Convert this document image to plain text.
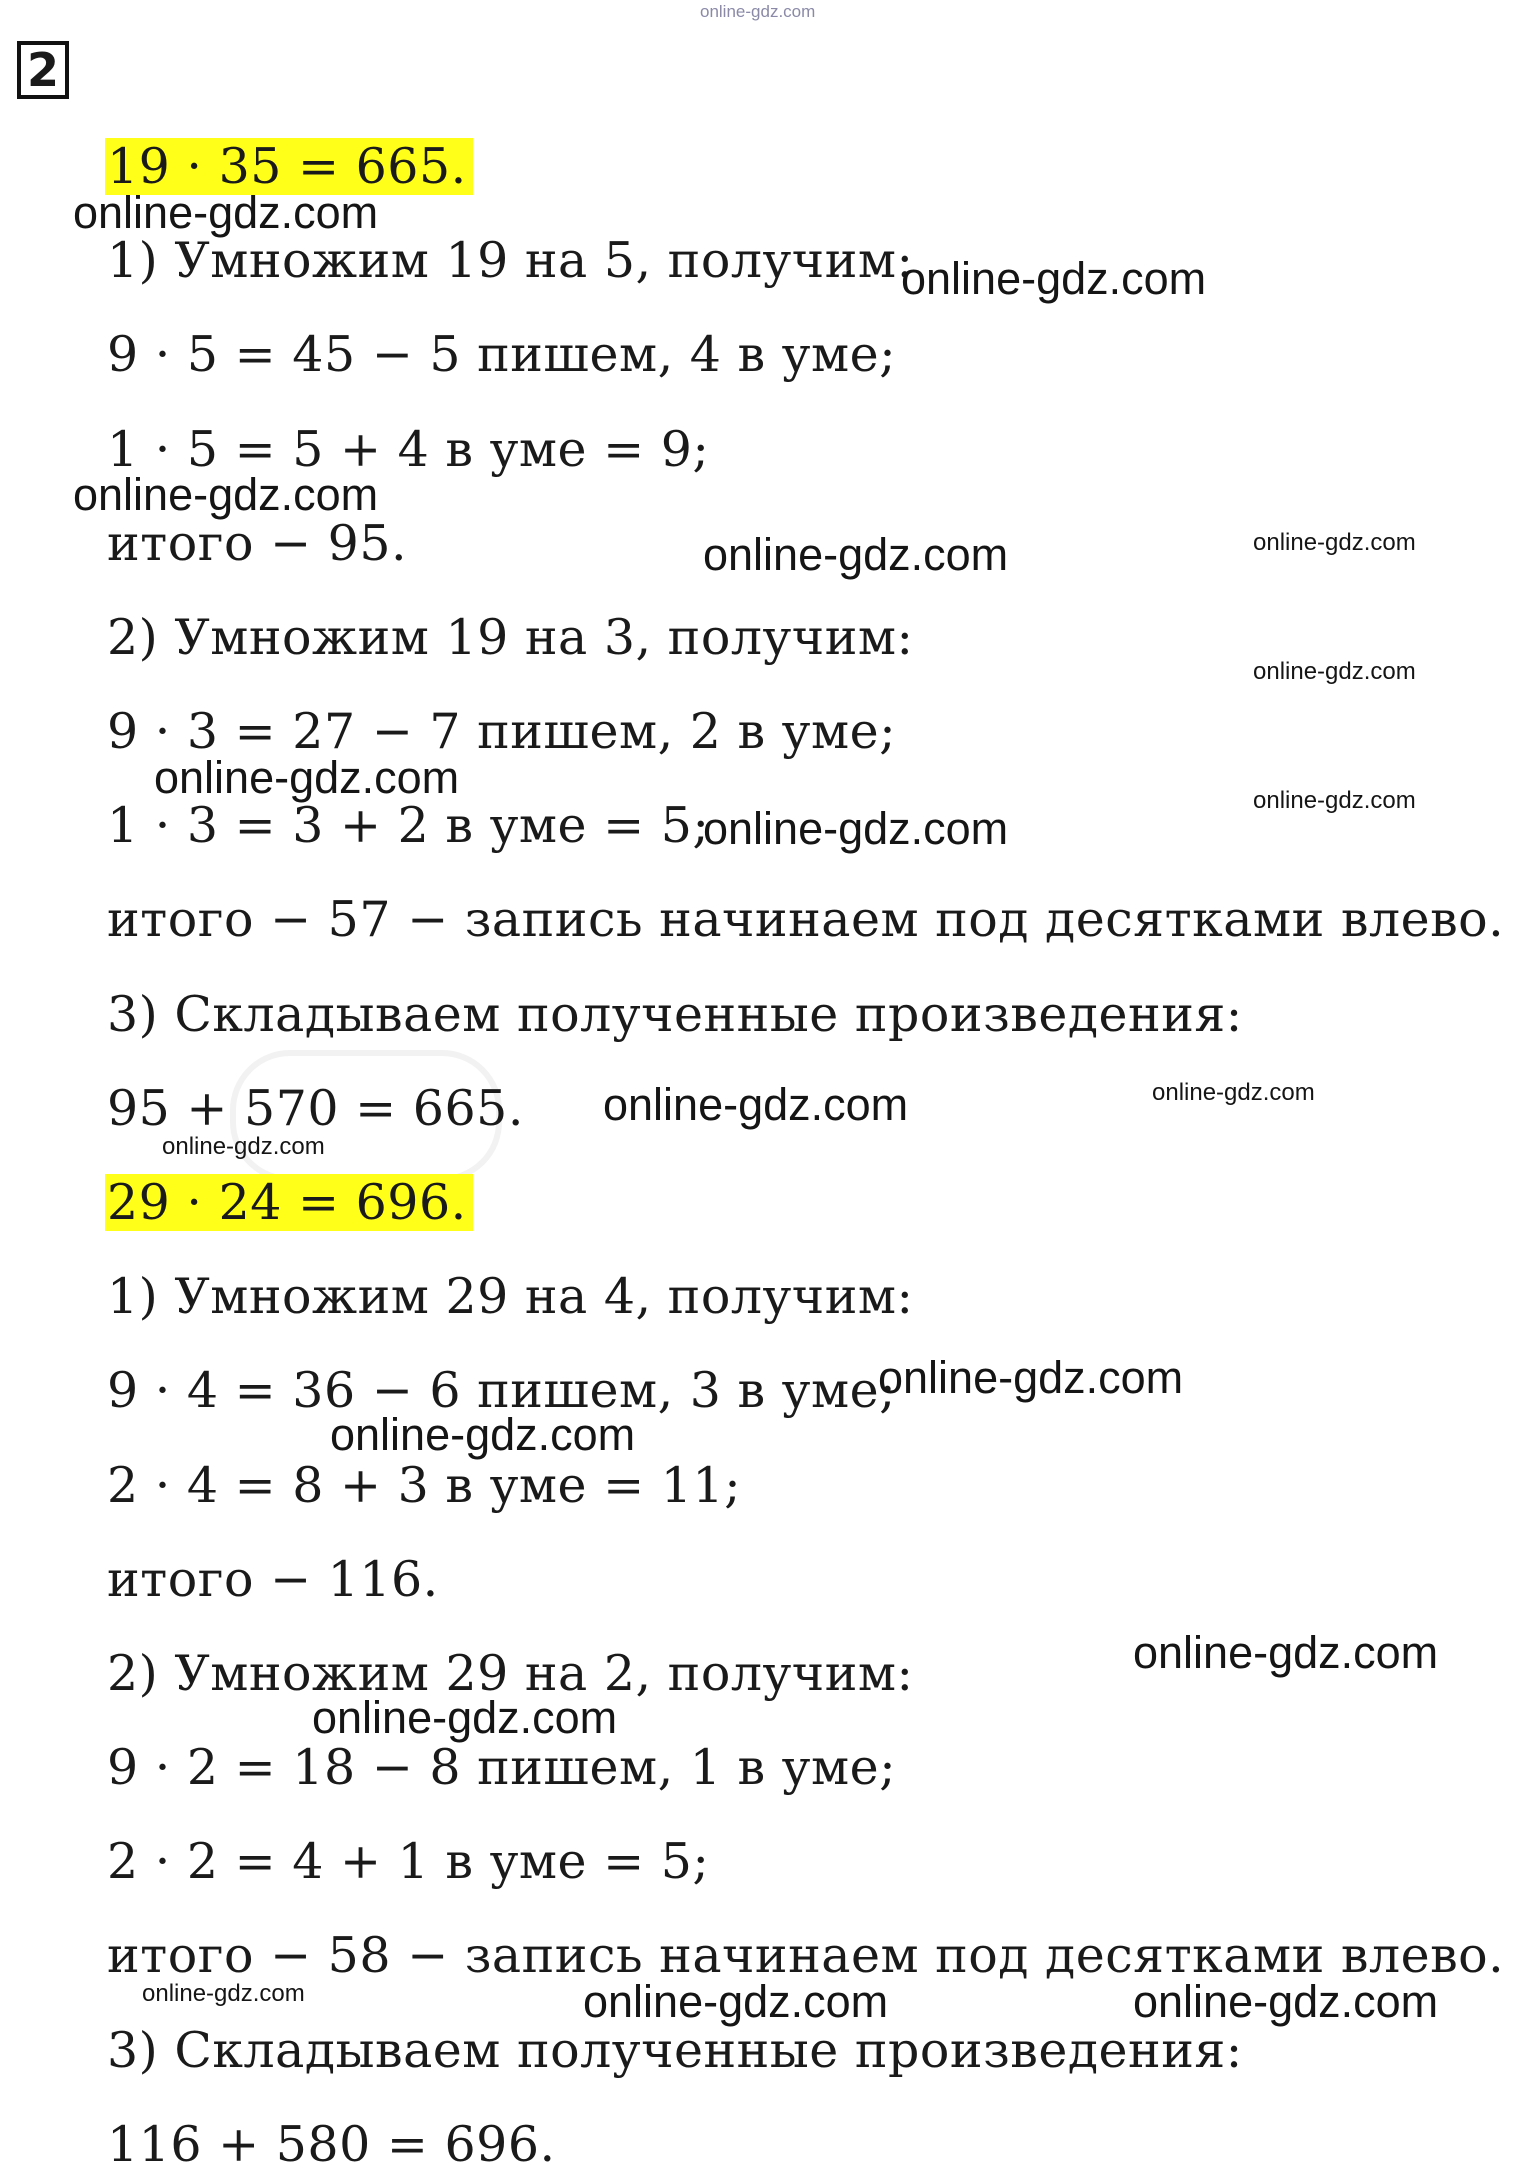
2
19 · 35 = 665.
1) Умножим 19 на 5, получим:
9 · 5 = 45 − 5 пишем, 4 в уме;
1 · 5 = 5 + 4 в уме = 9;
итого − 95.
2) Умножим 19 на 3, получим:
9 · 3 = 27 − 7 пишем, 2 в уме;
1 · 3 = 3 + 2 в уме = 5;
итого − 57 − запись начинаем под десятками влево.
3) Складываем полученные произведения:
95 + 570 = 665.
29 · 24 = 696.
1) Умножим 29 на 4, получим:
9 · 4 = 36 − 6 пишем, 3 в уме;
2 · 4 = 8 + 3 в уме = 11;
итого − 116.
2) Умножим 29 на 2, получим:
9 · 2 = 18 − 8 пишем, 1 в уме;
2 · 2 = 4 + 1 в уме = 5;
итого − 58 − запись начинаем под десятками влево.
3) Складываем полученные произведения:
116 + 580 = 696.
online-gdz.com
online-gdz.com
online-gdz.com
online-gdz.com
online-gdz.com	online-gdz.com
online-gdz.com
online-gdz.com	online-gdz.com
online-gdz.com
online-gdz.com	online-gdz.com
online-gdz.com
online-gdz.com
online-gdz.com
online-gdz.com
online-gdz.com
online-gdz.com	online-gdz.com	online-gdz.com
